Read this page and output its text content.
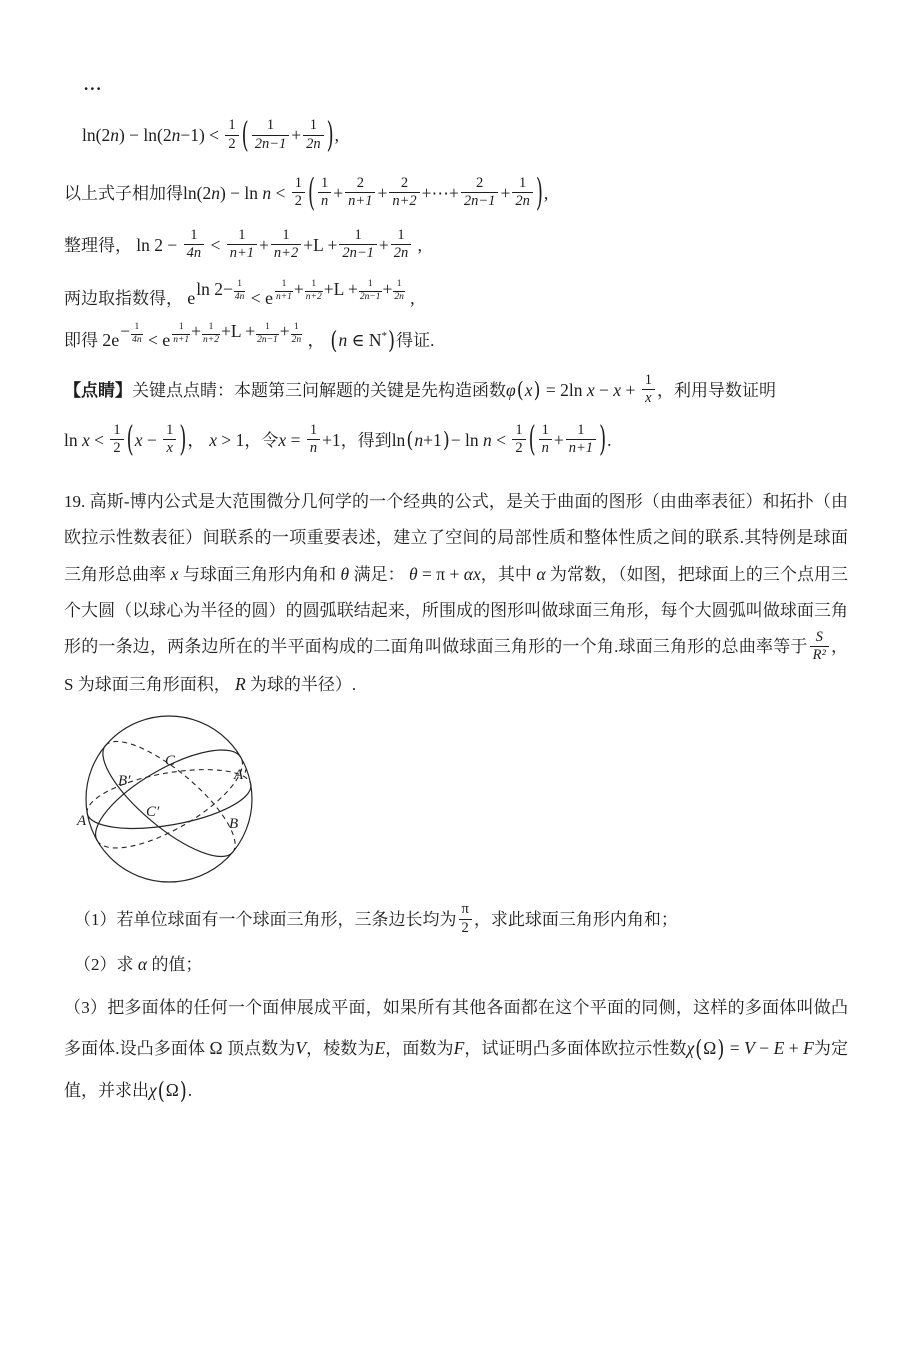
...

$\ln(2n) - \ln(2n-1) < \frac{1}{2}$ ( $\frac{1}{2n-1} + \frac{1}{2n}$ ),

以上式子相加得$\ln(2n) - \ln n < \frac{1}{2}$ ( $\frac{1}{n} + \frac{2}{n+1} + \frac{2}{n+2}$ +⋯+ $\frac{2}{2n-1} + \frac{1}{2n}$ ),

整理得， $\ln 2 - \frac{1}{4n} < \frac{1}{n+1} + \frac{1}{n+2} +L + \frac{1}{2n-1} + \frac{1}{2n}$ ,

两边取指数得， eln $2- \frac{1}{4n} < e \frac{1}{n+1} + \frac{1}{n+2} +L + \frac{1}{2n-1} + \frac{1}{2n}$ ,

即得 $2e- \frac{1}{4n} < e \frac{1}{n+1} + \frac{1}{n+2} +L + \frac{1}{2n-1} + \frac{1}{2n}$ ， (n ∈ N*)得证.

【点睛】关键点点睛：本题第三问解题的关键是先构造函数φ(x) = 2ln $x - x + \frac{1}{x}$ ，利用导数证明

$\ln x < \frac{1}{2} (x - \frac{1}{x}$ )， x > 1，令$x = \frac{1}{n} +1$，得到$\ln(n+1)- \ln n < \frac{1}{2}$ ( $\frac{1}{n} + \frac{1}{n+1}$ ).

19. 高斯-博内公式是大范围微分几何学的一个经典的公式，是关于曲面的图形（由曲率表征）和拓扑（由欧拉示性数表征）间联系的一项重要表述，建立了空间的局部性质和整体性质之间的联系.其特例是球面三角形总曲率 x 与球面三角形内角和 θ 满足： θ = π + αx，其中 α 为常数，（如图，把球面上的三个点用三个大圆（以球心为半径的圆）的圆弧联结起来，所围成的图形叫做球面三角形，每个大圆弧叫做球面三角形的一条边，两条边所在的半平面构成的二面角叫做球面三角形的一个角.球面三角形的总曲率等于 $\frac{S}{\text{R²}}$ ，S 为球面三角形面积， R 为球的半径）.

A
B′
C
A′
C′
B

（1）若单位球面有一个球面三角形，三条边长均为 $\frac{\pi}{2}$ ，求此球面三角形内角和；

（2）求 α 的值；

（3）把多面体的任何一个面伸展成平面，如果所有其他各面都在这个平面的同侧，这样的多面体叫做凸多面体.设凸多面体 Ω 顶点数为V，棱数为E，面数为F，试证明凸多面体欧拉示性数χ(Ω) = V − E + F为定值，并求出χ(Ω).
